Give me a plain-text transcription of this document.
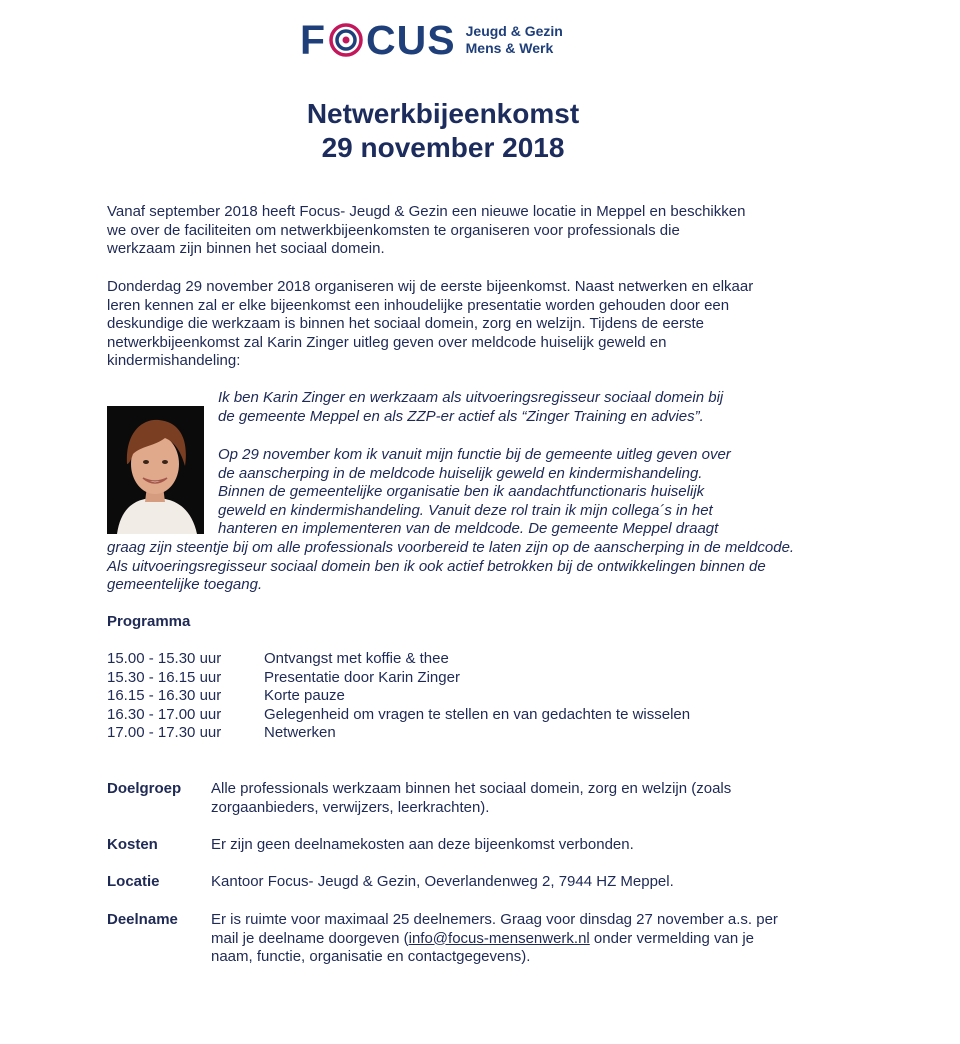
F CUS Jeugd & Gezin
Mens & Werk
Netwerkbijeenkomst
29 november 2018
Vanaf september 2018 heeft Focus- Jeugd & Gezin een nieuwe locatie in Meppel en beschikken we over de faciliteiten om netwerkbijeenkomsten te organiseren voor professionals die werkzaam zijn binnen het sociaal domein.
Donderdag 29 november 2018 organiseren wij de eerste bijeenkomst. Naast netwerken en elkaar leren kennen zal er elke bijeenkomst een inhoudelijke presentatie worden gehouden door een deskundige die werkzaam is binnen het sociaal domein, zorg en welzijn. Tijdens de eerste netwerkbijeenkomst zal Karin Zinger uitleg geven over meldcode huiselijk geweld en kindermishandeling:
Ik ben Karin Zinger en werkzaam als uitvoeringsregisseur sociaal domein bij
de gemeente Meppel en als ZZP-er actief als “Zinger Training en advies”.
Op 29 november kom ik vanuit mijn functie bij de gemeente uitleg geven over
de aanscherping in de meldcode huiselijk geweld en kindermishandeling.
Binnen de gemeentelijke organisatie ben ik aandachtfunctionaris huiselijk
geweld en kindermishandeling. Vanuit deze rol train ik mijn collega´s in het
hanteren en implementeren van de meldcode. De gemeente Meppel draagt
graag zijn steentje bij om alle professionals voorbereid te laten zijn op de aanscherping in de meldcode. Als uitvoeringsregisseur sociaal domein ben ik ook actief betrokken bij de ontwikkelingen binnen de gemeentelijke toegang.
Programma
15.00 - 15.30 uur	Ontvangst met koffie & thee
15.30 - 16.15 uur	Presentatie door Karin Zinger
16.15 - 16.30 uur	Korte pauze
16.30 - 17.00 uur	Gelegenheid om vragen te stellen en van gedachten te wisselen
17.00 - 17.30 uur	Netwerken
Doelgroep Alle professionals werkzaam binnen het sociaal domein, zorg en welzijn (zoals zorgaanbieders, verwijzers, leerkrachten).
Kosten	Er zijn geen deelnamekosten aan deze bijeenkomst verbonden.
Locatie	Kantoor Focus- Jeugd & Gezin, Oeverlandenweg 2, 7944 HZ Meppel.
Deelname Er is ruimte voor maximaal 25 deelnemers. Graag voor dinsdag 27 november a.s. per mail je deelname doorgeven (info@focus-mensenwerk.nl onder vermelding van je naam, functie, organisatie en contactgegevens).
